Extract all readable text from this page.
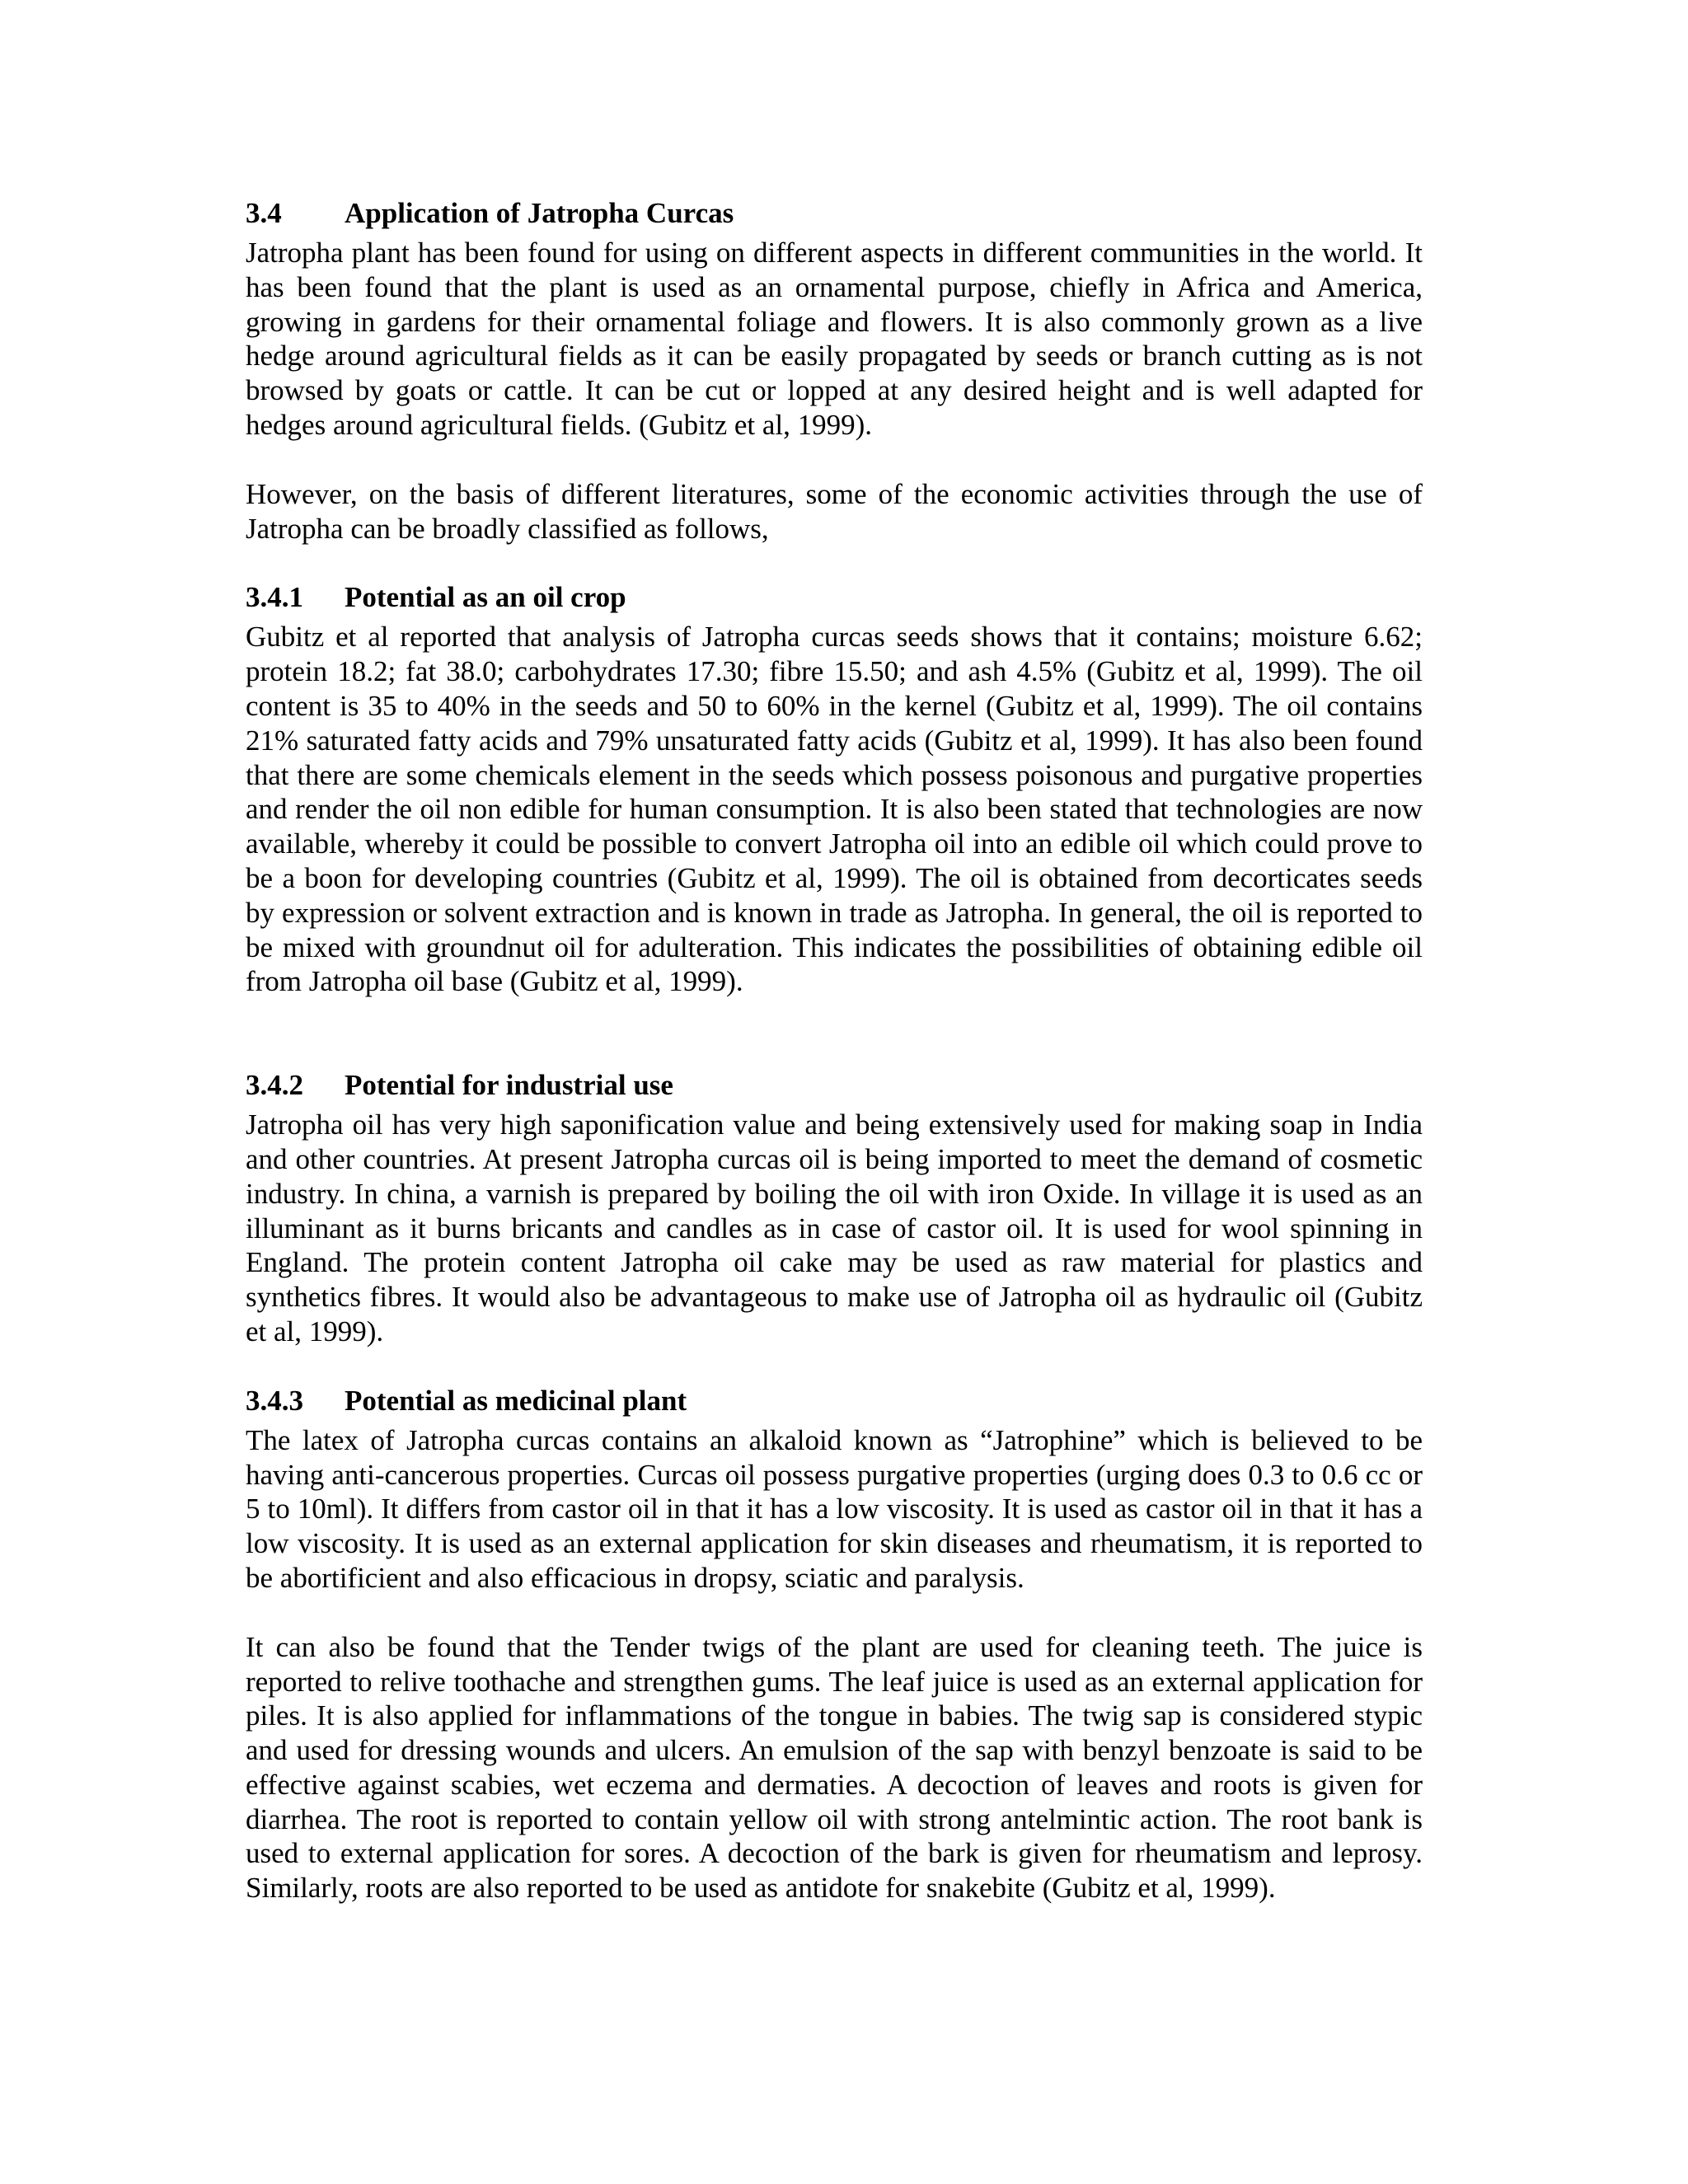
3.4	Application of Jatropha Curcas

Jatropha plant has been found for using on different aspects in different communities in the world. It has been found that the plant is used as an ornamental purpose, chiefly in Africa and America, growing in gardens for their ornamental foliage and flowers. It is also commonly grown as a live hedge around agricultural fields as it can be easily propagated by seeds or branch cutting as is not browsed by goats or cattle. It can be cut or lopped at any desired height and is well adapted for hedges around agricultural fields. (Gubitz et al, 1999).

However, on the basis of different literatures, some of the economic activities through the use of Jatropha can be broadly classified as follows,

3.4.1	Potential as an oil crop

Gubitz et al reported that analysis of Jatropha curcas seeds shows that it contains; moisture 6.62; protein 18.2; fat 38.0; carbohydrates 17.30; fibre 15.50; and ash 4.5% (Gubitz et al, 1999). The oil content is 35 to 40% in the seeds and 50 to 60% in the kernel (Gubitz et al, 1999). The oil contains 21% saturated fatty acids and 79% unsaturated fatty acids (Gubitz et al, 1999). It has also been found that there are some chemicals element in the seeds which possess poisonous and purgative properties and render the oil non edible for human consumption. It is also been stated that technologies are now available, whereby it could be possible to convert Jatropha oil into an edible oil which could prove to be a boon for developing countries (Gubitz et al, 1999). The oil is obtained from decorticates seeds by expression or solvent extraction and is known in trade as Jatropha. In general, the oil is reported to be mixed with groundnut oil for adulteration. This indicates the possibilities of obtaining edible oil from Jatropha oil base (Gubitz et al, 1999).

3.4.2	Potential for industrial use

Jatropha oil has very high saponification value and being extensively used for making soap in India and other countries. At present Jatropha curcas oil is being imported to meet the demand of cosmetic industry. In china, a varnish is prepared by boiling the oil with iron Oxide. In village it is used as an illuminant as it burns bricants and candles as in case of castor oil. It is used for wool spinning in England. The protein content Jatropha oil cake may be used as raw material for plastics and synthetics fibres. It would also be advantageous to make use of Jatropha oil as hydraulic oil (Gubitz et al, 1999).

3.4.3	Potential as medicinal plant

The latex of Jatropha curcas contains an alkaloid known as “Jatrophine” which is believed to be having anti-cancerous properties. Curcas oil possess purgative properties (urging does 0.3 to 0.6 cc or 5 to 10ml). It differs from castor oil in that it has a low viscosity. It is used as castor oil in that it has a low viscosity. It is used as an external application for skin diseases and rheumatism, it is reported to be abortificient and also efficacious in dropsy, sciatic and paralysis.

It can also be found that the Tender twigs of the plant are used for cleaning teeth. The juice is reported to relive toothache and strengthen gums. The leaf juice is used as an external application for piles. It is also applied for inflammations of the tongue in babies. The twig sap is considered stypic and used for dressing wounds and ulcers. An emulsion of the sap with benzyl benzoate is said to be effective against scabies, wet eczema and dermaties. A decoction of leaves and roots is given for diarrhea. The root is reported to contain yellow oil with strong antelmintic action. The root bank is used to external application for sores. A decoction of the bark is given for rheumatism and leprosy. Similarly, roots are also reported to be used as antidote for snakebite (Gubitz et al, 1999).
